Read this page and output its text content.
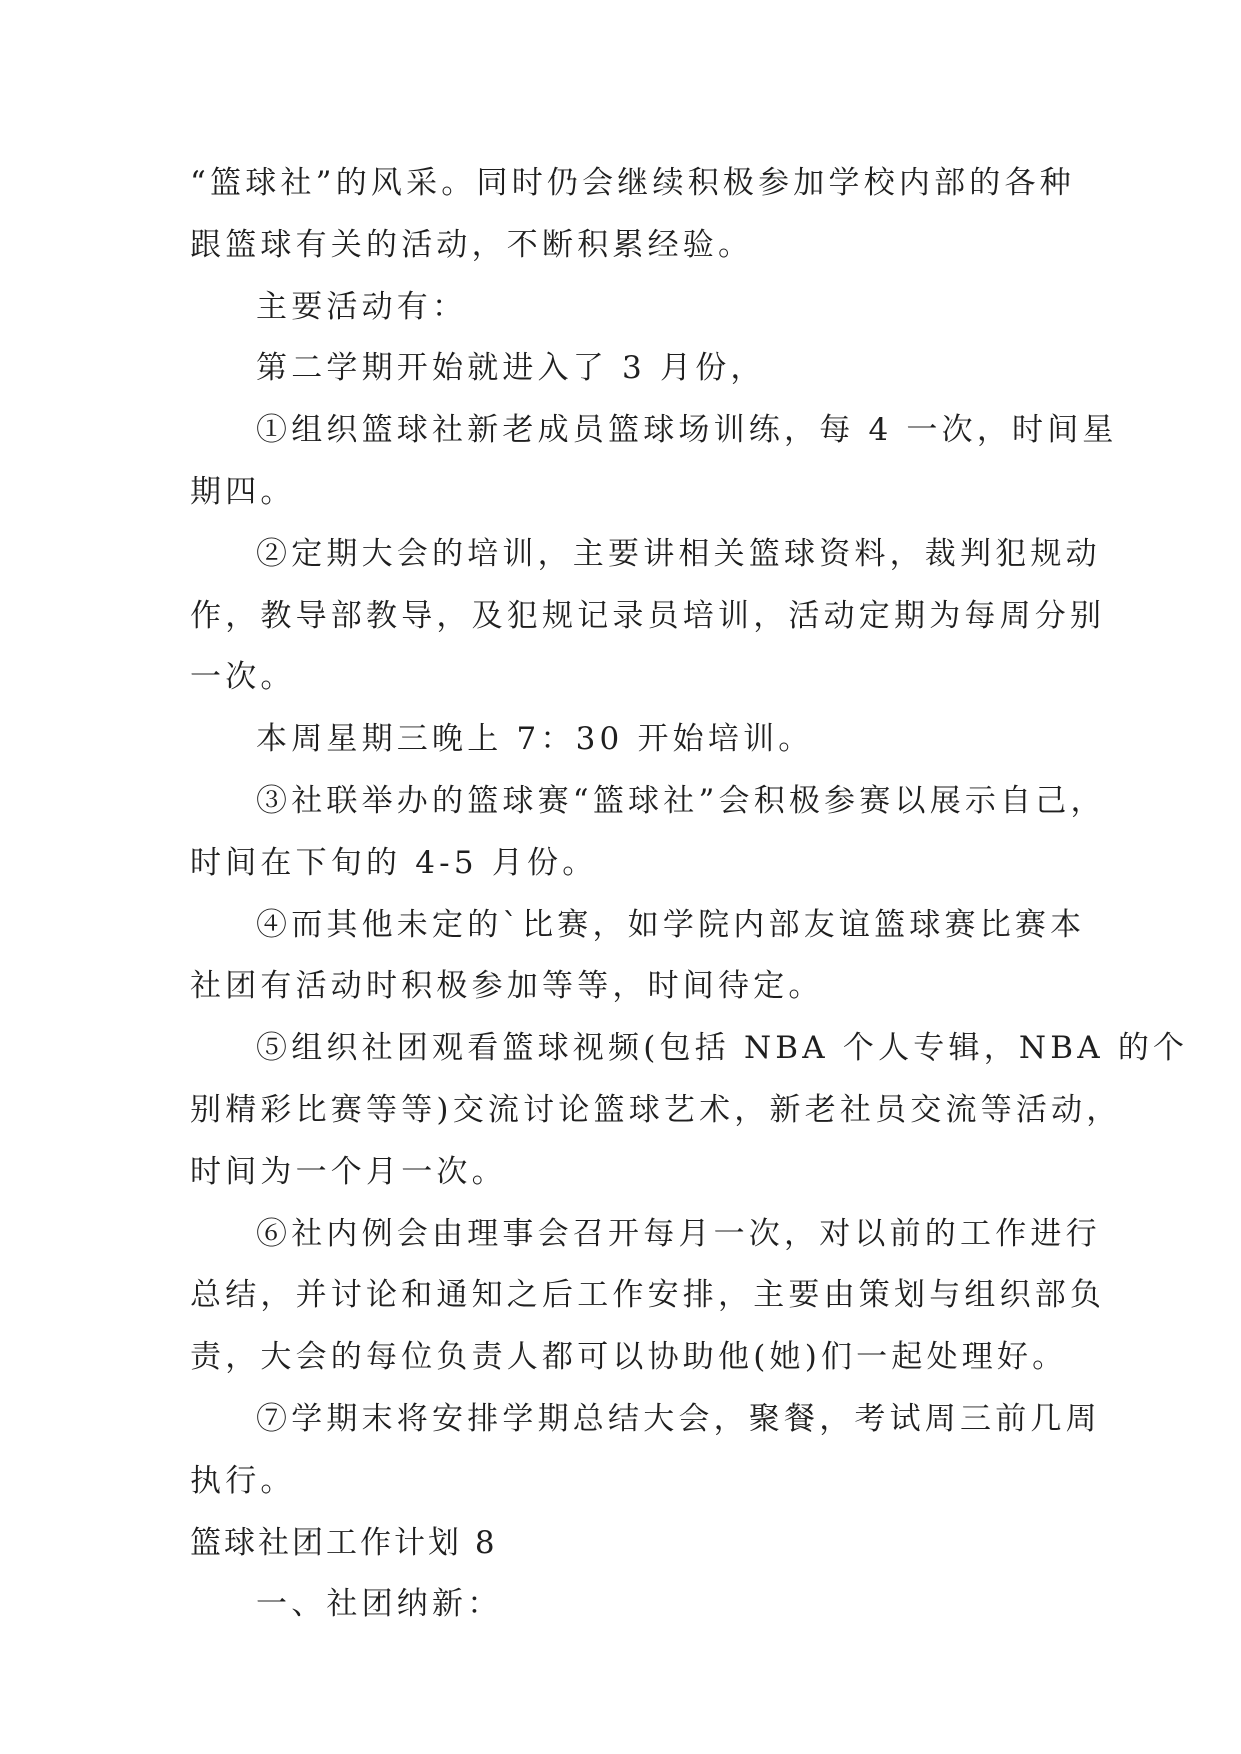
“篮球社”的风采。同时仍会继续积极参加学校内部的各种
跟篮球有关的活动，不断积累经验。
主要活动有：
第二学期开始就进入了 3 月份，
①组织篮球社新老成员篮球场训练，每 4 一次，时间星
期四。
②定期大会的培训，主要讲相关篮球资料，裁判犯规动
作，教导部教导，及犯规记录员培训，活动定期为每周分别
一次。
本周星期三晚上 7：30 开始培训。
③社联举办的篮球赛“篮球社”会积极参赛以展示自己，
时间在下旬的 4-5 月份。
④而其他未定的`比赛，如学院内部友谊篮球赛比赛本
社团有活动时积极参加等等，时间待定。
⑤组织社团观看篮球视频(包括 NBA 个人专辑，NBA 的个
别精彩比赛等等)交流讨论篮球艺术，新老社员交流等活动，
时间为一个月一次。
⑥社内例会由理事会召开每月一次，对以前的工作进行
总结，并讨论和通知之后工作安排，主要由策划与组织部负
责，大会的每位负责人都可以协助他(她)们一起处理好。
⑦学期末将安排学期总结大会，聚餐，考试周三前几周
执行。
篮球社团工作计划 8
一、社团纳新：
